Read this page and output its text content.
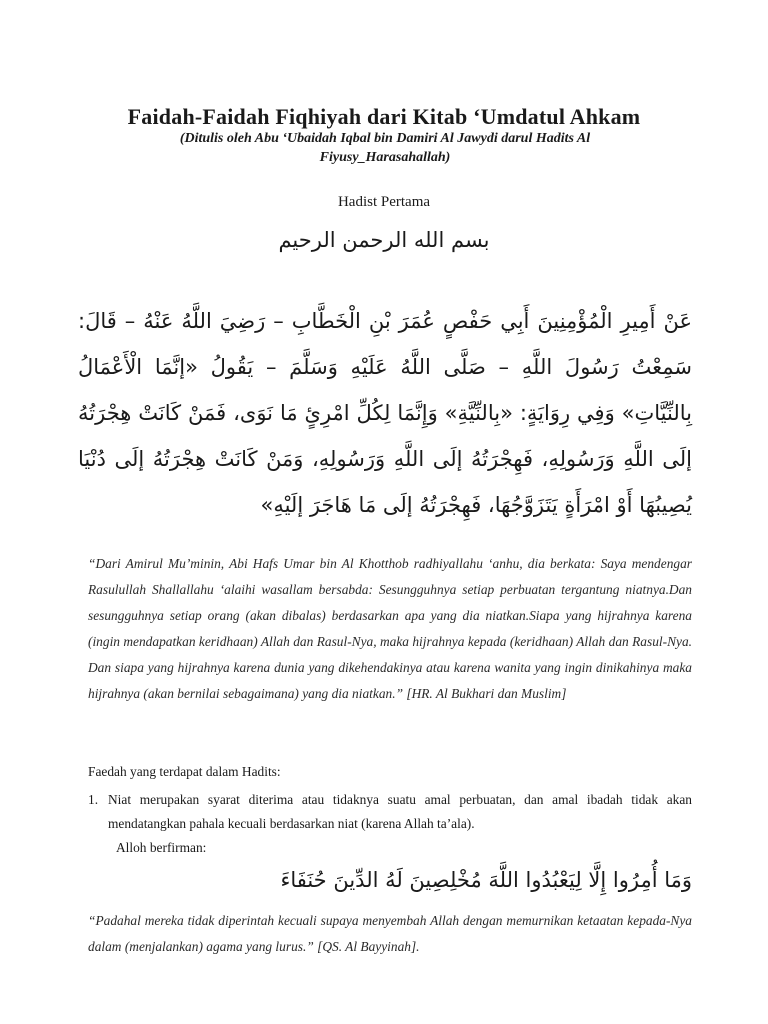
Faidah-Faidah Fiqhiyah dari Kitab ‘Umdatul Ahkam

(Ditulis oleh Abu ‘Ubaidah Iqbal bin Damiri Al Jawydi darul Hadits Al Fiyusy_Harasahallah)

Hadist Pertama
بسم الله الرحمن الرحيم

عَنْ أَمِيرِ الْمُؤْمِنِينَ أَبِي حَفْصٍ عُمَرَ بْنِ الْخَطَّابِ – رَضِيَ اللَّهُ عَنْهُ – قَالَ: سَمِعْتُ رَسُولَ اللَّهِ – صَلَّى اللَّهُ عَلَيْهِ وَسَلَّمَ – يَقُولُ «إنَّمَا الْأَعْمَالُ بِالنِّيَّاتِ» وَفِي رِوَايَةٍ: «بِالنِّيَّةِ» وَإِنَّمَا لِكُلِّ امْرِئٍ مَا نَوَى، فَمَنْ كَانَتْ هِجْرَتُهُ إلَى اللَّهِ وَرَسُولِهِ، فَهِجْرَتُهُ إلَى اللَّهِ وَرَسُولِهِ، وَمَنْ كَانَتْ هِجْرَتُهُ إلَى دُنْيَا يُصِيبُهَا أَوْ امْرَأَةٍ يَتَزَوَّجُهَا، فَهِجْرَتُهُ إلَى مَا هَاجَرَ إلَيْهِ»

“Dari Amirul Mu’minin, Abi Hafs Umar bin Al Khotthob radhiyallahu ‘anhu, dia berkata: Saya mendengar Rasulullah Shallallahu ‘alaihi wasallam bersabda: Sesungguhnya setiap perbuatan tergantung niatnya.Dan sesungguhnya setiap orang (akan dibalas) berdasarkan apa yang dia niatkan.Siapa yang hijrahnya karena (ingin mendapatkan keridhaan) Allah dan Rasul-Nya, maka hijrahnya kepada (keridhaan) Allah dan Rasul-Nya. Dan siapa yang hijrahnya karena dunia yang dikehendakinya atau karena wanita yang ingin dinikahinya maka hijrahnya (akan bernilai sebagaimana) yang dia niatkan.” [HR. Al Bukhari dan Muslim]

Faedah yang terdapat dalam Hadits:
1. Niat merupakan syarat diterima atau tidaknya suatu amal perbuatan, dan amal ibadah tidak akan mendatangkan pahala kecuali berdasarkan niat (karena Allah ta’ala).
Alloh berfirman:
وَمَا أُمِرُوا إِلَّا لِيَعْبُدُوا اللَّهَ مُخْلِصِينَ لَهُ الدِّينَ حُنَفَاءَ

“Padahal mereka tidak diperintah kecuali supaya menyembah Allah dengan memurnikan ketaatan kepada-Nya dalam (menjalankan) agama yang lurus.” [QS. Al Bayyinah].
